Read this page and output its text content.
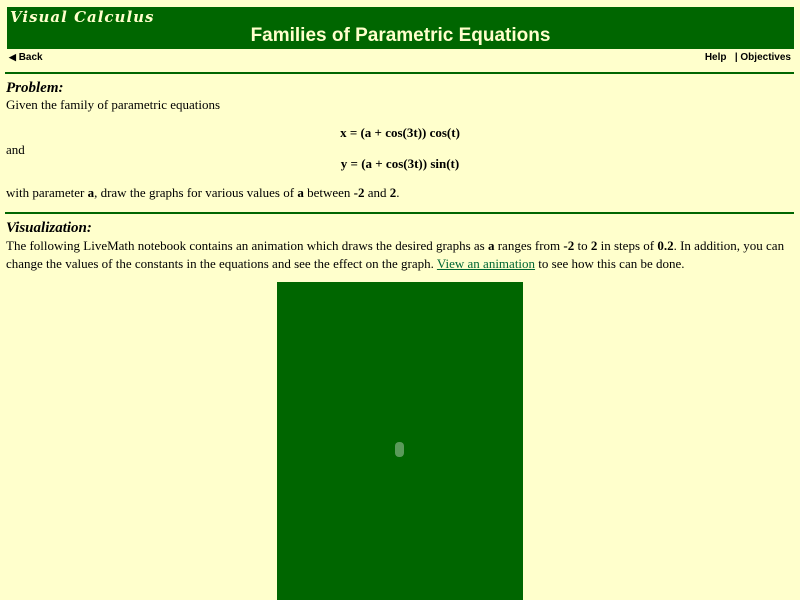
Visual Calculus
Families of Parametric Equations
◀ Back	Help | Objectives
Problem:
Given the family of parametric equations
x = (a + cos(3t)) cos(t)
and
y = (a + cos(3t)) sin(t)
with parameter a, draw the graphs for various values of a between -2 and 2.
Visualization:
The following LiveMath notebook contains an animation which draws the desired graphs as a ranges from -2 to 2 in steps of 0.2. In addition, you can change the values of the constants in the equations and see the effect on the graph. View an animation to see how this can be done.
